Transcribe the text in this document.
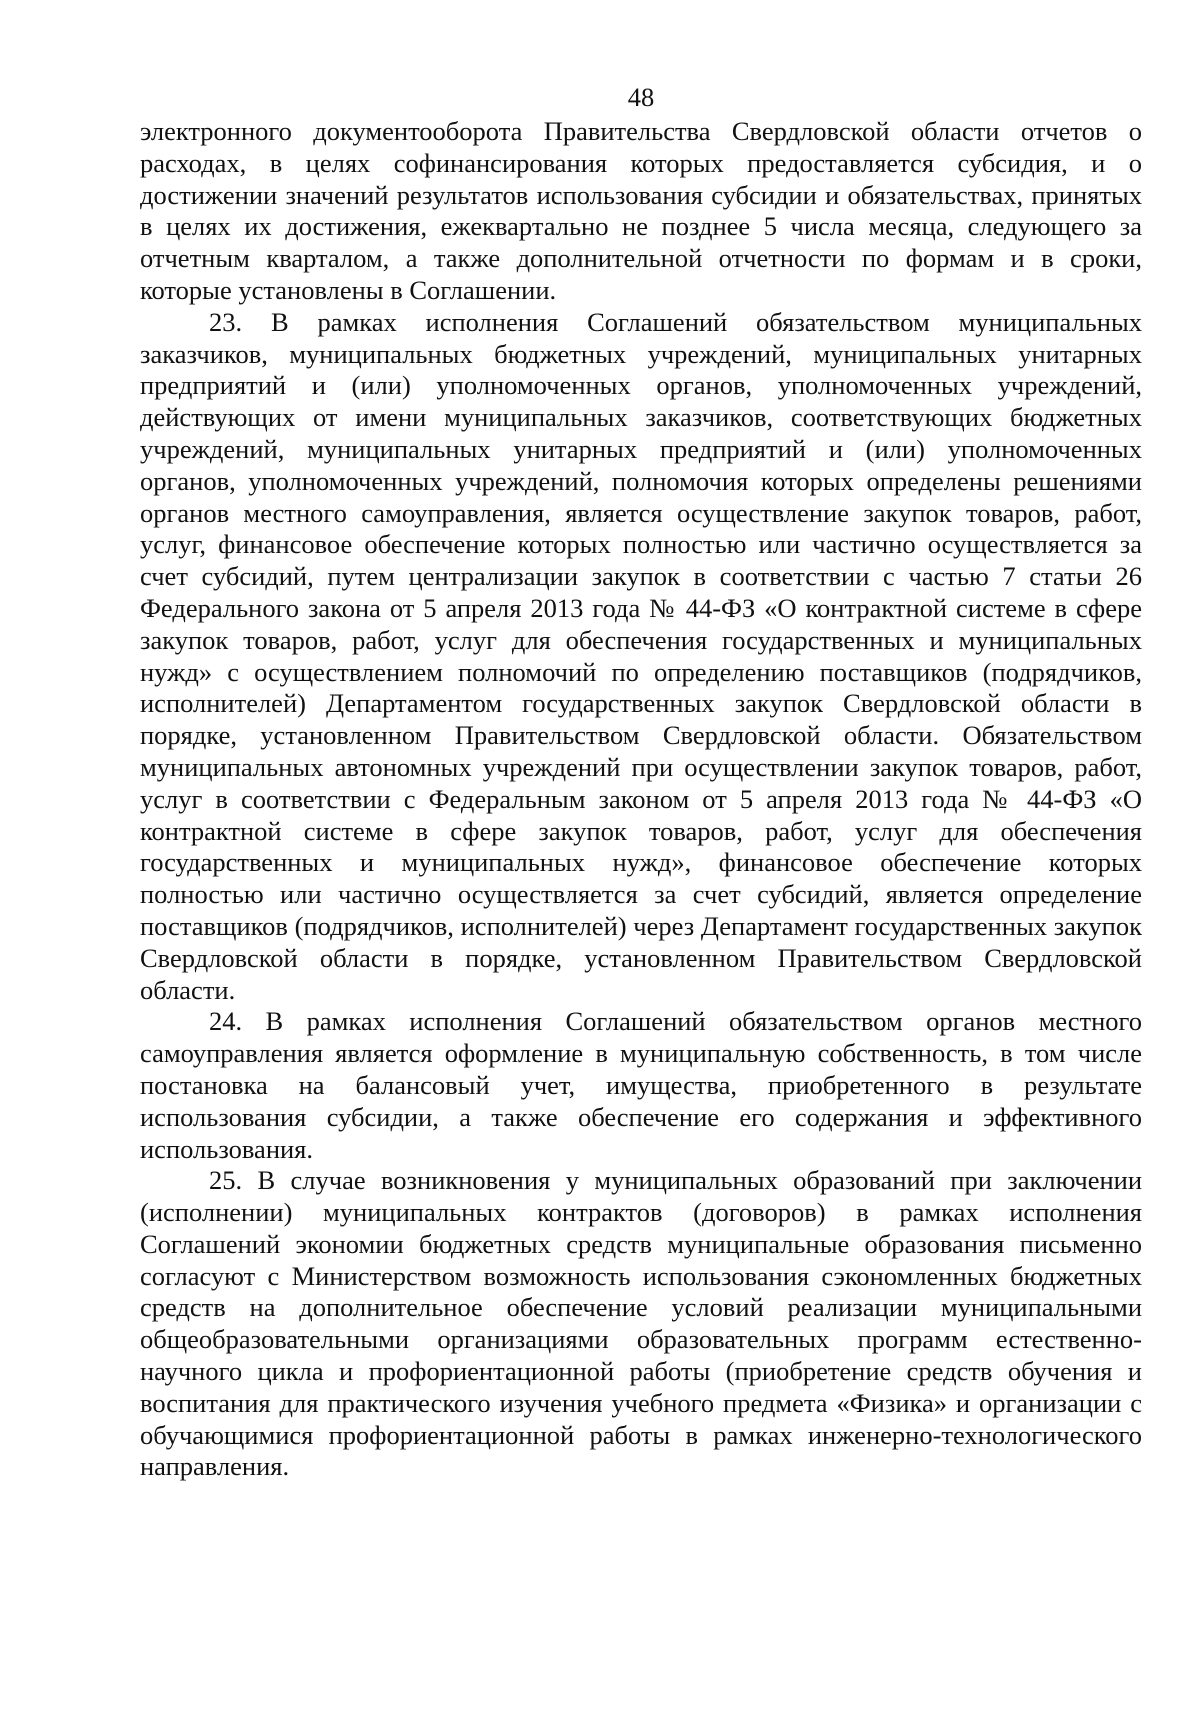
48

электронного документооборота Правительства Свердловской области отчетов о расходах, в целях софинансирования которых предоставляется субсидия, и о достижении значений результатов использования субсидии и обязательствах, принятых в целях их достижения, ежеквартально не позднее 5 числа месяца, следующего за отчетным кварталом, а также дополнительной отчетности по формам и в сроки, которые установлены в Соглашении.

23. В рамках исполнения Соглашений обязательством муниципальных заказчиков, муниципальных бюджетных учреждений, муниципальных унитарных предприятий и (или) уполномоченных органов, уполномоченных учреждений, действующих от имени муниципальных заказчиков, соответствующих бюджетных учреждений, муниципальных унитарных предприятий и (или) уполномоченных органов, уполномоченных учреждений, полномочия которых определены решениями органов местного самоуправления, является осуществление закупок товаров, работ, услуг, финансовое обеспечение которых полностью или частично осуществляется за счет субсидий, путем централизации закупок в соответствии с частью 7 статьи 26 Федерального закона от 5 апреля 2013 года № 44-ФЗ «О контрактной системе в сфере закупок товаров, работ, услуг для обеспечения государственных и муниципальных нужд» с осуществлением полномочий по определению поставщиков (подрядчиков, исполнителей) Департаментом государственных закупок Свердловской области в порядке, установленном Правительством Свердловской области. Обязательством муниципальных автономных учреждений при осуществлении закупок товаров, работ, услуг в соответствии с Федеральным законом от 5 апреля 2013 года № 44-ФЗ «О контрактной системе в сфере закупок товаров, работ, услуг для обеспечения государственных и муниципальных нужд», финансовое обеспечение которых полностью или частично осуществляется за счет субсидий, является определение поставщиков (подрядчиков, исполнителей) через Департамент государственных закупок Свердловской области в порядке, установленном Правительством Свердловской области.

24. В рамках исполнения Соглашений обязательством органов местного самоуправления является оформление в муниципальную собственность, в том числе постановка на балансовый учет, имущества, приобретенного в результате использования субсидии, а также обеспечение его содержания и эффективного использования.

25. В случае возникновения у муниципальных образований при заключении (исполнении) муниципальных контрактов (договоров) в рамках исполнения Соглашений экономии бюджетных средств муниципальные образования письменно согласуют с Министерством возможность использования сэкономленных бюджетных средств на дополнительное обеспечение условий реализации муниципальными общеобразовательными организациями образовательных программ естественно-научного цикла и профориентационной работы (приобретение средств обучения и воспитания для практического изучения учебного предмета «Физика» и организации с обучающимися профориентационной работы в рамках инженерно-технологического направления.
